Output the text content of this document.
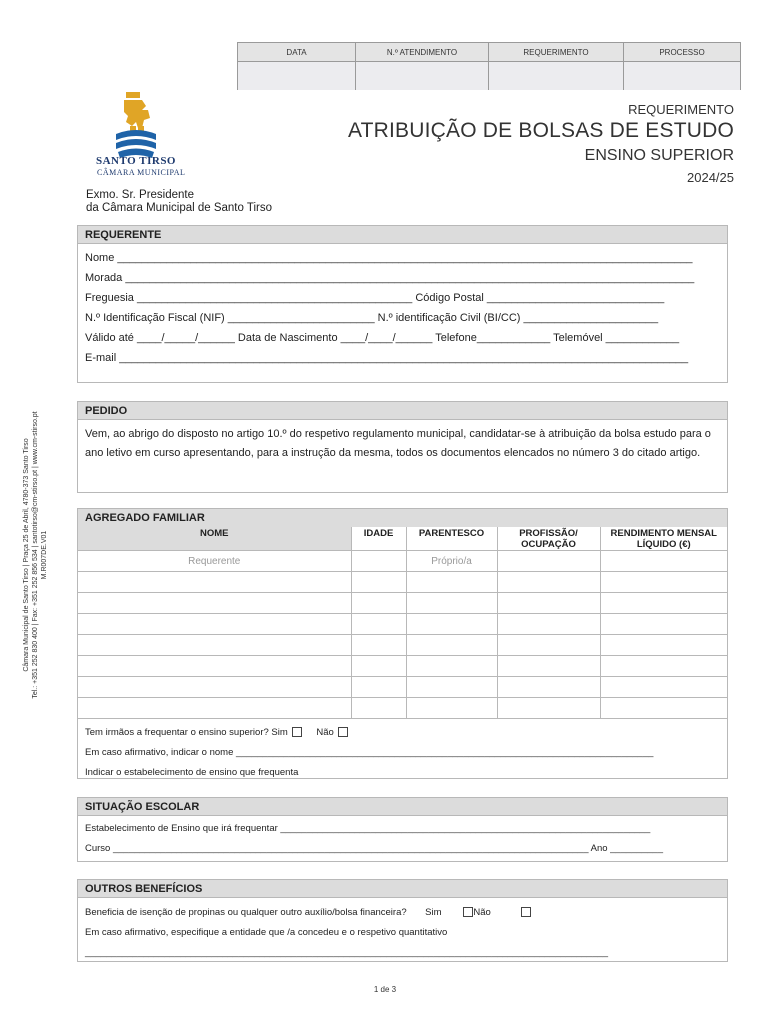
DATA	N.º ATENDIMENTO	REQUERIMENTO	PROCESSO
SANTO TIRSO
CÂMARA MUNICIPAL
REQUERIMENTO
ATRIBUIÇÃO DE BOLSAS DE ESTUDO
ENSINO SUPERIOR
2024/25
Exmo. Sr. Presidente
da Câmara Municipal de Santo Tirso
REQUERENTE
Nome ______________________________________________________________________________________________
Morada _____________________________________________________________________________________________
Freguesia _____________________________________________ Código Postal _____________________________
N.º Identificação Fiscal (NIF) ________________________ N.º identificação Civil (BI/CC) ______________________
Válido até ____/_____/______ Data de Nascimento ____/____/______ Telefone____________ Telemóvel ____________
E-mail _____________________________________________________________________________________________
PEDIDO
Vem, ao abrigo do disposto no artigo 10.º do respetivo regulamento municipal, candidatar-se à atribuição da bolsa estudo para o ano letivo em curso apresentando, para a instrução da mesma, todos os documentos elencados no número 3 do citado artigo.
AGREGADO FAMILIAR
NOME	IDADE	PARENTESCO	PROFISSÃO/ OCUPAÇÃO	RENDIMENTO MENSAL LÍQUIDO (€)
Requerente		Próprio/a		

Tem irmãos a frequentar o ensino superior? Sim	Não
Em caso afirmativo, indicar o nome _______________________________________________________________________________
Indicar o estabelecimento de ensino que frequenta
SITUAÇÃO ESCOLAR
Estabelecimento de Ensino que irá frequentar ______________________________________________________________________
Curso __________________________________________________________________________________________ Ano __________
OUTROS BENEFÍCIOS
Beneficia de isenção de propinas ou qualquer outro auxílio/bolsa financeira? Sim	Não
Em caso afirmativo, especifique a entidade que /a concedeu e o respetivo quantitativo
___________________________________________________________________________________________________
Câmara Municipal de Santo Tirso | Praça 25 de Abril, 4780-373 Santo Tirso Tel.: +351 252 830 400 | Fax: +351 252 856 534 | santotirso@cm-stirso.pt | www.cm-stirso.pt M.R007DE.V01
1 de 3
